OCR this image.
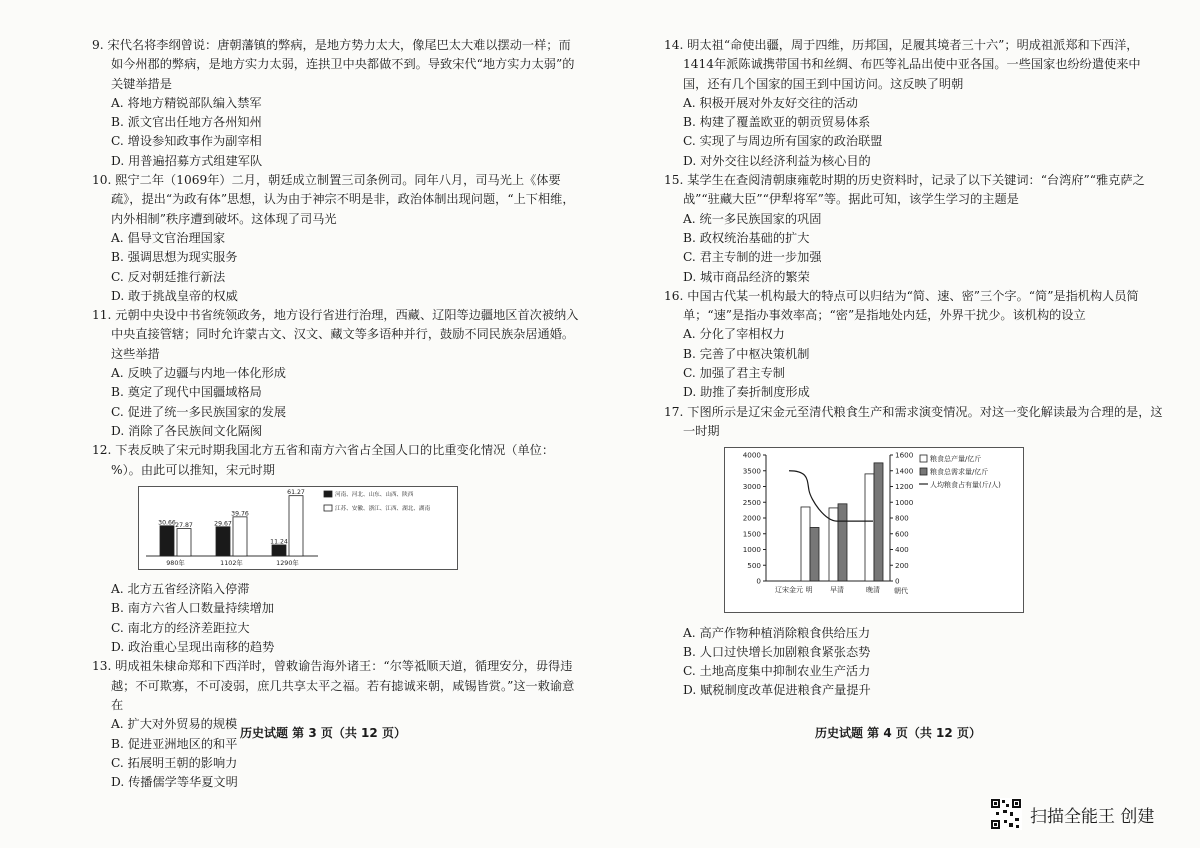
9. 宋代名将李纲曾说：唐朝藩镇的弊病，是地方势力太大，像尾巴太大难以摆动一样；而如今州郡的弊病，是地方实力太弱，连拱卫中央都做不到。导致宋代“地方实力太弱”的关键举措是

A. 将地方精锐部队编入禁军

B. 派文官出任地方各州知州

C. 增设参知政事作为副宰相

D. 用普遍招募方式组建军队

10. 熙宁二年（1069年）二月，朝廷成立制置三司条例司。同年八月，司马光上《体要疏》，提出“为政有体”思想，认为由于神宗不明是非，政治体制出现问题，“上下相维，内外相制”秩序遭到破坏。这体现了司马光

A. 倡导文官治理国家

B. 强调思想为现实服务

C. 反对朝廷推行新法

D. 敢于挑战皇帝的权威

11. 元朝中央设中书省统领政务，地方设行省进行治理，西藏、辽阳等边疆地区首次被纳入中央直接管辖；同时允许蒙古文、汉文、藏文等多语种并行，鼓励不同民族杂居通婚。这些举措

A. 反映了边疆与内地一体化形成

B. 奠定了现代中国疆域格局

C. 促进了统一多民族国家的发展

D. 消除了各民族间文化隔阂

12. 下表反映了宋元时期我国北方五省和南方六省占全国人口的比重变化情况（单位：%）。由此可以推知，宋元时期

30.66 27.87
980年
29.67
39.76
1102年
11.24
61.27
1290年
河南、河北、山东、山西、陕西
江苏、安徽、浙江、江西、湖北、湖南

A. 北方五省经济陷入停滞

B. 南方六省人口数量持续增加

C. 南北方的经济差距拉大

D. 政治重心呈现出南移的趋势

13. 明成祖朱棣命郑和下西洋时，曾敕谕告海外诸王：“尔等祗顺天道，循理安分，毋得违越；不可欺寡，不可凌弱，庶几共享太平之福。若有摅诚来朝，咸锡皆赏。”这一敕谕意在

A. 扩大对外贸易的规模

B. 促进亚洲地区的和平

C. 拓展明王朝的影响力

D. 传播儒学等华夏文明

历史试题 第 3 页（共 12 页）

14. 明太祖“命使出疆，周于四维，历邦国，足履其境者三十六”；明成祖派郑和下西洋，1414年派陈诚携带国书和丝绸、布匹等礼品出使中亚各国。一些国家也纷纷遣使来中国，还有几个国家的国王到中国访问。这反映了明朝

A. 积极开展对外友好交往的活动

B. 构建了覆盖欧亚的朝贡贸易体系

C. 实现了与周边所有国家的政治联盟

D. 对外交往以经济利益为核心目的

15. 某学生在查阅清朝康雍乾时期的历史资料时，记录了以下关键词：“台湾府”“雅克萨之战”“驻藏大臣”“伊犁将军”等。据此可知，该学生学习的主题是

A. 统一多民族国家的巩固

B. 政权统治基础的扩大

C. 君主专制的进一步加强

D. 城市商品经济的繁荣

16. 中国古代某一机构最大的特点可以归结为“简、速、密”三个字。“简”是指机构人员简单；“速”是指办事效率高；“密”是指地处内廷，外界干扰少。该机构的设立

A. 分化了宰相权力

B. 完善了中枢决策机制

C. 加强了君主专制

D. 助推了奏折制度形成

17. 下图所示是辽宋金元至清代粮食生产和需求演变情况。对这一变化解读最为合理的是，这一时期

0
500
1000
1500
2000
2500
3000
3500
4000
0
200
400
600
800
1000
1200
1400
1600
辽宋金元 明	早清	晚清 朝代
粮食总产量/亿斤
粮食总需求量/亿斤
人均粮食占有量(斤/人)

A. 高产作物种植消除粮食供给压力

B. 人口过快增长加剧粮食紧张态势

C. 土地高度集中抑制农业生产活力

D. 赋税制度改革促进粮食产量提升

历史试题 第 4 页（共 12 页）
扫描全能王 创建
